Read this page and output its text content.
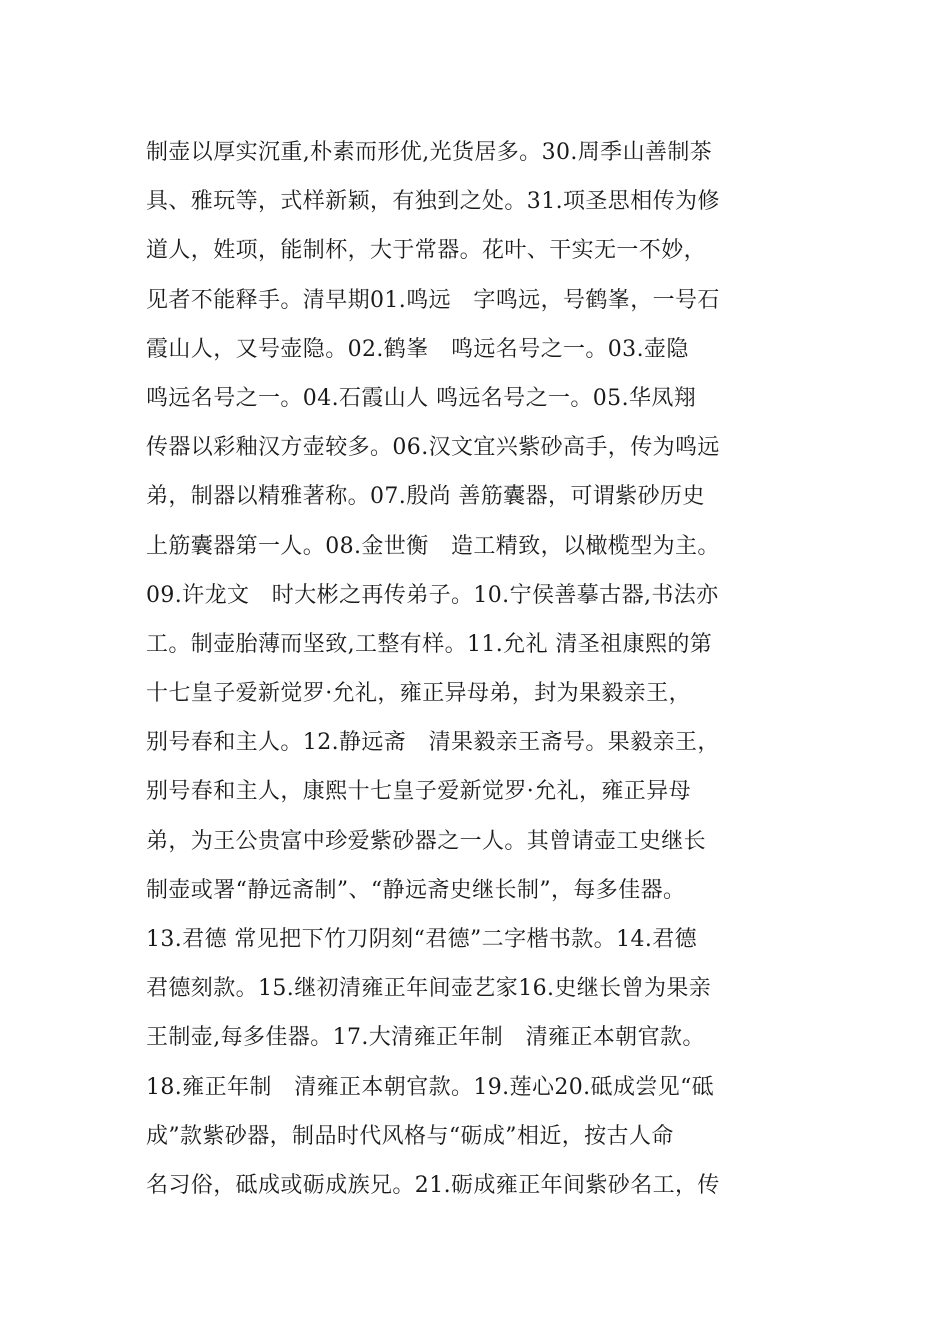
制壶以厚实沉重,朴素而形优,光货居多。30.周季山善制茶
具、雅玩等，式样新颖，有独到之处。31.项圣思相传为修
道人，姓项，能制杯，大于常器。花叶、干实无一不妙，
见者不能释手。清早期01.鸣远　字鸣远，号鹤峯，一号石
霞山人，又号壶隐。02.鹤峯　鸣远名号之一。03.壶隐
鸣远名号之一。04.石霞山人 鸣远名号之一。05.华凤翔
传器以彩釉汉方壶较多。06.汉文宜兴紫砂高手，传为鸣远
弟，制器以精雅著称。07.殷尚 善筋囊器，可谓紫砂历史
上筋囊器第一人。08.金世衡　造工精致，以橄榄型为主。
09.许龙文　时大彬之再传弟子。10.宁侯善摹古器,书法亦
工。制壶胎薄而坚致,工整有样。11.允礼 清圣祖康熙的第
十七皇子爱新觉罗·允礼，雍正异母弟，封为果毅亲王，
别号春和主人。12.静远斋　清果毅亲王斋号。果毅亲王，
别号春和主人，康熙十七皇子爱新觉罗·允礼，雍正异母
弟，为王公贵富中珍爱紫砂器之一人。其曾请壶工史继长
制壶或署“静远斋制”、“静远斋史继长制”，每多佳器。
13.君德 常见把下竹刀阴刻“君德”二字楷书款。14.君德
君德刻款。15.继初清雍正年间壶艺家16.史继长曾为果亲
王制壶,每多佳器。17.大清雍正年制　清雍正本朝官款。
18.雍正年制　清雍正本朝官款。19.莲心20.砥成尝见“砥
成”款紫砂器，制品时代风格与“砺成”相近，按古人命
名习俗，砥成或砺成族兄。21.砺成雍正年间紫砂名工，传
